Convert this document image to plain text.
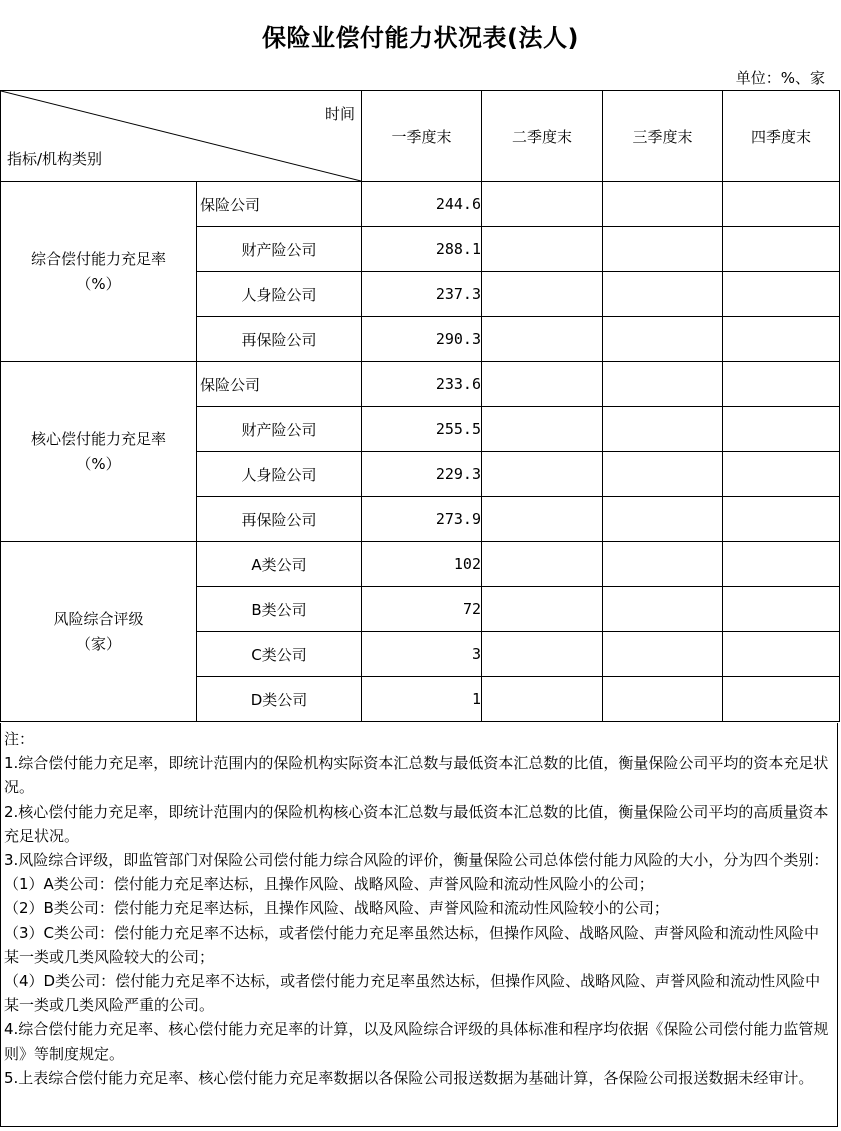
保险业偿付能力状况表(法人)
单位：%、家
时间
指标/机构类别		一季度末	二季度末	三季度末	四季度末

综合偿付能力充足率
（%）	保险公司	244.6			
	财产险公司	288.1			
	人身险公司	237.3			
	再保险公司	290.3			

核心偿付能力充足率
（%）	保险公司	233.6			
	财产险公司	255.5			
	人身险公司	229.3			
	再保险公司	273.9			

风险综合评级
（家）	A类公司	102			
	B类公司	72			
	C类公司	3			
	D类公司	1			
注：
1.综合偿付能力充足率，即统计范围内的保险机构实际资本汇总数与最低资本汇总数的比值，衡量保险公司平均的资本充足状况。
2.核心偿付能力充足率，即统计范围内的保险机构核心资本汇总数与最低资本汇总数的比值，衡量保险公司平均的高质量资本充足状况。
3.风险综合评级，即监管部门对保险公司偿付能力综合风险的评价，衡量保险公司总体偿付能力风险的大小，分为四个类别：
（1）A类公司：偿付能力充足率达标，且操作风险、战略风险、声誉风险和流动性风险小的公司；
（2）B类公司：偿付能力充足率达标，且操作风险、战略风险、声誉风险和流动性风险较小的公司；
（3）C类公司：偿付能力充足率不达标，或者偿付能力充足率虽然达标，但操作风险、战略风险、声誉风险和流动性风险中某一类或几类风险较大的公司；
（4）D类公司：偿付能力充足率不达标，或者偿付能力充足率虽然达标，但操作风险、战略风险、声誉风险和流动性风险中某一类或几类风险严重的公司。
4.综合偿付能力充足率、核心偿付能力充足率的计算，以及风险综合评级的具体标准和程序均依据《保险公司偿付能力监管规则》等制度规定。
5.上表综合偿付能力充足率、核心偿付能力充足率数据以各保险公司报送数据为基础计算，各保险公司报送数据未经审计。
